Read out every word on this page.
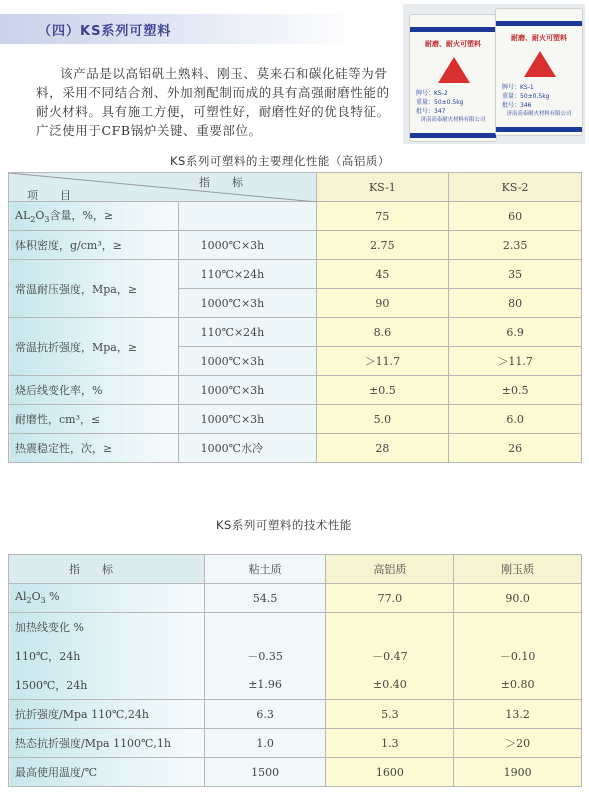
（四）KS系列可塑料

该产品是以高铝矾土熟料、刚玉、莫来石和碳化硅等为骨

料，采用不同结合剂、外加剂配制而成的具有高强耐磨性能的

耐火材料。具有施工方便，可塑性好，耐磨性好的优良特征。

广泛使用于CFB锅炉关键、重要部位。

耐磨、耐火可塑料
牌号：KS-2
重量：50±0.5kg
批号：347
济南高泰耐火材料有限公司
耐磨、耐火可塑料
牌号：KS-1
重量：50±0.5kg
批号：346
济南高泰耐火材料有限公司
KS系列可塑料的主要理化性能（高铝质）
指　　标
项　　目		KS-1	KS-2
$AL_2O_3$含量，%，≥		75	60
体积密度，g/cm³，≥	1000℃×3h	2.75	2.35
常温耐压强度，Mpa，≥	110℃×24h	45	35
	1000℃×3h	90	80
常温抗折强度，Mpa，≥	110℃×24h	8.6	6.9
	1000℃×3h	＞11.7	＞11.7
烧后线变化率，%	1000℃×3h	±0.5	±0.5
耐磨性，cm³，≤	1000℃×3h	5.0	6.0
热震稳定性，次，≥	1000℃水冷	28	26
KS系列可塑料的技术性能
指　　标	粘土质	高铝质	刚玉质
$Al_2O_3$ %	54.5	77.0	90.0
加热线变化 %			
110℃，24h	－0.35	－0.47	－0.10
1500℃，24h	±1.96	±0.40	±0.80
抗折强度/Mpa 110℃,24h	6.3	5.3	13.2
热态抗折强度/Mpa 1100℃,1h	1.0	1.3	＞20
最高使用温度/℃	1500	1600	1900
